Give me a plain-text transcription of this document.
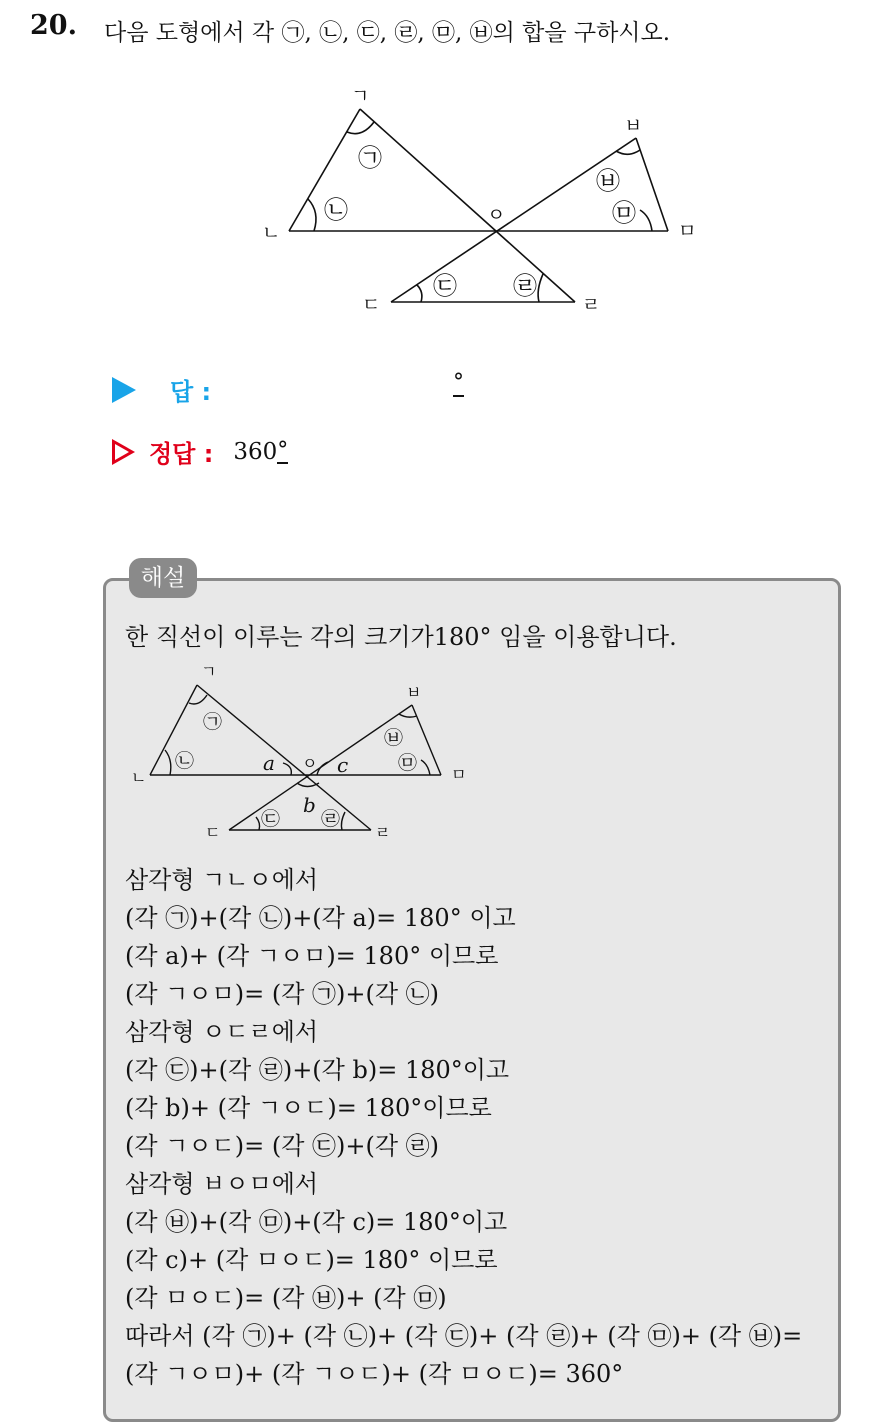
20. 다음 도형에서 각 ㉠, ㉡, ㉢, ㉣, ㉤, ㉥의 합을 구하시오.
ㄱ
ㄴ
ㅇ
ㅂ
ㅁ
ㄷ	ㄹ
㉠
㉡
㉢ ㉣
㉤
㉥
답 :	°
정답 : 360 °
해설
한 직선이 이루는 각의 크기가180° 임을 이용합니다.
ㄱ
ㄴ
ㅇ
ㅂ
ㅁ
ㄷ	ㄹ
a
b
c
㉠
㉡
㉢ ㉣
㉤
㉥
삼각형 ㄱㄴㅇ에서
(각 ㉠)+(각 ㉡)+(각 a)= 180° 이고
(각 a)+ (각 ㄱㅇㅁ)= 180° 이므로
(각 ㄱㅇㅁ)= (각 ㉠)+(각 ㉡)
삼각형 ㅇㄷㄹ에서
(각 ㉢)+(각 ㉣)+(각 b)= 180°이고
(각 b)+ (각 ㄱㅇㄷ)= 180°이므로
(각 ㄱㅇㄷ)= (각 ㉢)+(각 ㉣)
삼각형 ㅂㅇㅁ에서
(각 ㉥)+(각 ㉤)+(각 c)= 180°이고
(각 c)+ (각 ㅁㅇㄷ)= 180° 이므로
(각 ㅁㅇㄷ)= (각 ㉥)+ (각 ㉤)
따라서 (각 ㉠)+ (각 ㉡)+ (각 ㉢)+ (각 ㉣)+ (각 ㉤)+ (각 ㉥)=
(각 ㄱㅇㅁ)+ (각 ㄱㅇㄷ)+ (각 ㅁㅇㄷ)= 360°
